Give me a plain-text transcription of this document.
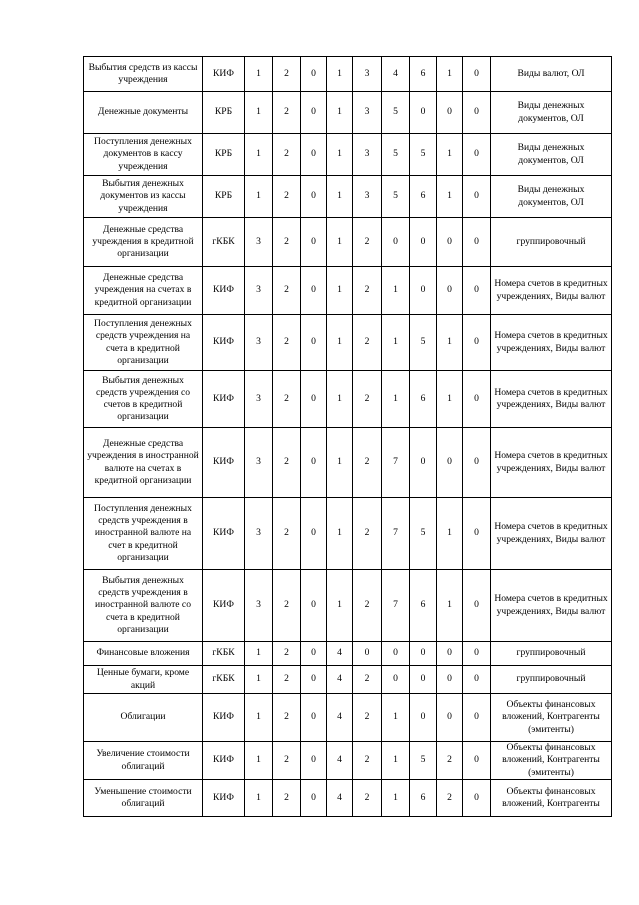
Выбытия средств из кассы учреждения	КИФ	1	2	0	1	3	4	6	1	0	Виды валют, ОЛ
Денежные документы	КРБ	1	2	0	1	3	5	0	0	0	Виды денежных документов, ОЛ
Поступления денежных документов в кассу учреждения	КРБ	1	2	0	1	3	5	5	1	0	Виды денежных документов, ОЛ
Выбытия денежных документов из кассы учреждения	КРБ	1	2	0	1	3	5	6	1	0	Виды денежных документов, ОЛ
Денежные средства учреждения в кредитной организации	гКБК	3	2	0	1	2	0	0	0	0	группировочный
Денежные средства учреждения на счетах в кредитной организации	КИФ	3	2	0	1	2	1	0	0	0	Номера счетов в кредитных учреждениях, Виды валют
Поступления денежных средств учреждения на счета в кредитной организации	КИФ	3	2	0	1	2	1	5	1	0	Номера счетов в кредитных учреждениях, Виды валют
Выбытия денежных средств учреждения со счетов в кредитной организации	КИФ	3	2	0	1	2	1	6	1	0	Номера счетов в кредитных учреждениях, Виды валют
Денежные средства учреждения в иностранной валюте на счетах в кредитной организации	КИФ	3	2	0	1	2	7	0	0	0	Номера счетов в кредитных учреждениях, Виды валют
Поступления денежных средств учреждения в иностранной валюте на счет в кредитной организации	КИФ	3	2	0	1	2	7	5	1	0	Номера счетов в кредитных учреждениях, Виды валют
Выбытия денежных средств учреждения в иностранной валюте со счета в кредитной организации	КИФ	3	2	0	1	2	7	6	1	0	Номера счетов в кредитных учреждениях, Виды валют
Финансовые вложения	гКБК	1	2	0	4	0	0	0	0	0	группировочный
Ценные бумаги, кроме акций	гКБК	1	2	0	4	2	0	0	0	0	группировочный
Облигации	КИФ	1	2	0	4	2	1	0	0	0	Объекты финансовых вложений, Контрагенты (эмитенты)
Увеличение стоимости облигаций	КИФ	1	2	0	4	2	1	5	2	0	Объекты финансовых вложений, Контрагенты (эмитенты)
Уменьшение стоимости облигаций	КИФ	1	2	0	4	2	1	6	2	0	Объекты финансовых вложений, Контрагенты
